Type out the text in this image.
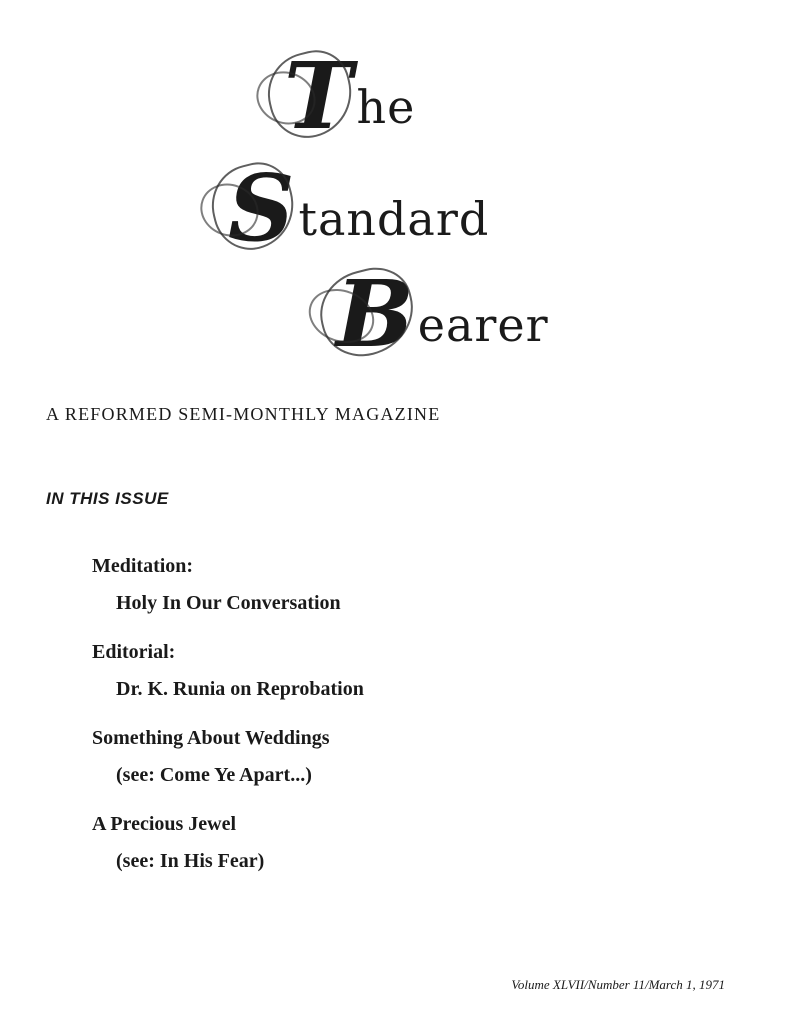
T he
S tandard
B earer
A REFORMED SEMI-MONTHLY MAGAZINE
IN THIS ISSUE
Meditation:
Holy In Our Conversation
Editorial:
Dr. K. Runia on Reprobation
Something About Weddings
(see: Come Ye Apart...)
A Precious Jewel
(see: In His Fear)
Volume XLVII/Number 11/March 1, 1971
